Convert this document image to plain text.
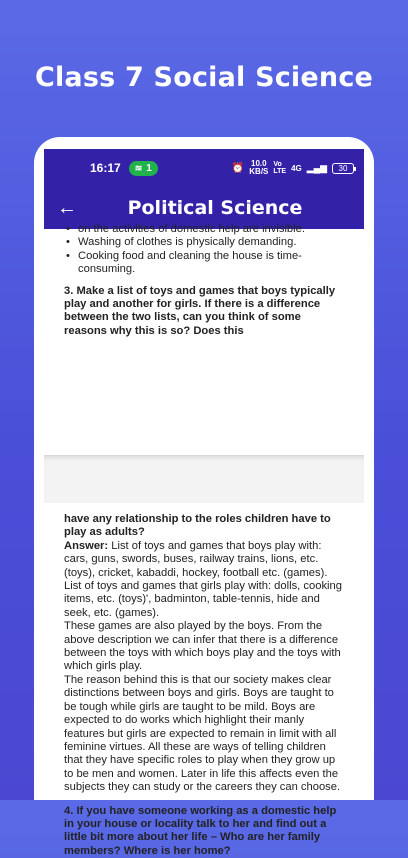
Class 7 Social Science
16:17 ≋ 1	⏰ 10.0
KB/S
Vo
LTE 4G ▂▄▆ 30
←	Political Science
• on the activities of domestic help are invisible.
• Washing of clothes is physically demanding.
• Cooking food and cleaning the house is time-consuming.

3. Make a list of toys and games that boys typically play and another for girls. If there is a difference between the two lists, can you think of some reasons why this is so? Does this

have any relationship to the roles children have to play as adults?

Answer: List of toys and games that boys play with: cars, guns, swords, buses, railway trains, lions, etc. (toys), cricket, kabaddi, hockey, football etc. (games).

List of toys and games that girls play with: dolls, cooking items, etc. (toys)', badminton, table-tennis, hide and seek, etc. (games).

These games are also played by the boys. From the above description we can infer that there is a difference between the toys with which boys play and the toys with which girls play.

The reason behind this is that our society makes clear distinctions between boys and girls. Boys are taught to be tough while girls are taught to be mild. Boys are expected to do works which highlight their manly features but girls are expected to remain in limit with all feminine virtues. All these are ways of telling children that they have specific roles to play when they grow up to be men and women. Later in life this affects even the subjects they can study or the careers they can choose.

4. If you have someone working as a domestic help in your house or locality talk to her and find out a little bit more about her life – Who are her family members? Where is her home?
